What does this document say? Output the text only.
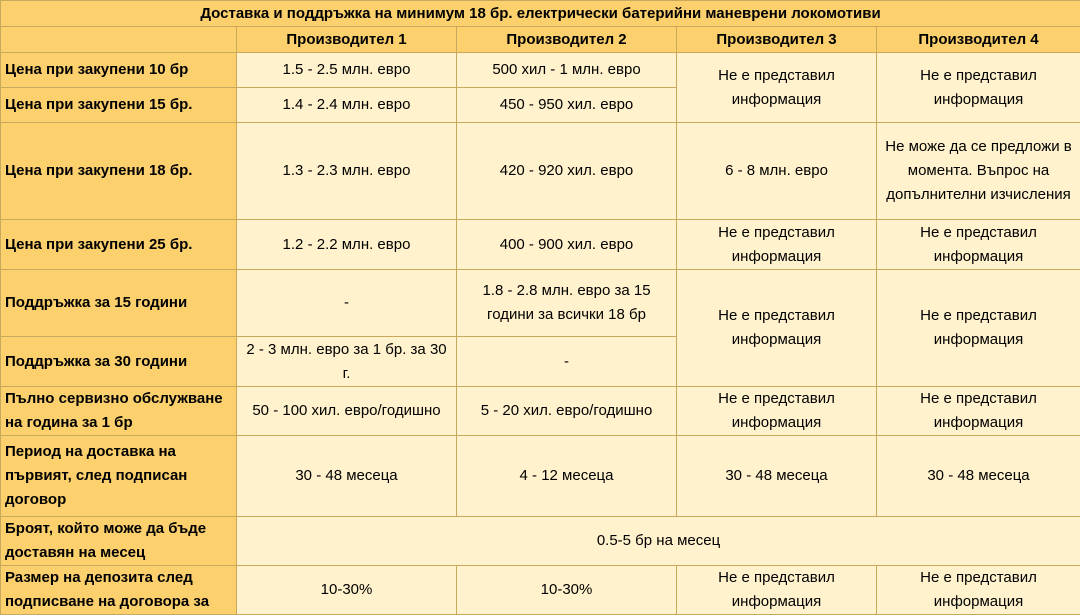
Доставка и поддръжка на минимум 18 бр. електрически батерийни маневрени локомотиви				
	Производител 1	Производител 2	Производител 3	Производител 4
Цена при закупени 10 бр	1.5 - 2.5 млн. евро	500 хил - 1 млн. евро	Не е представил информация	Не е представил информация
Цена при закупени 15 бр.	1.4 - 2.4 млн. евро	450 - 950 хил. евро		
Цена при закупени 18 бр.	1.3 - 2.3 млн. евро	420 - 920 хил. евро	6 - 8 млн. евро	Не може да се предложи в момента. Въпрос на допълнителни изчисления
Цена при закупени 25 бр.	1.2 - 2.2 млн. евро	400 - 900 хил. евро	Не е представил информация	Не е представил информация
Поддръжка за 15 години	-	1.8 - 2.8 млн. евро за 15 години за всички 18 бр	Не е представил информация	Не е представил информация
Поддръжка за 30 години	2 - 3 млн. евро за 1 бр. за 30 г.	-		
Пълно сервизно обслужване на година за 1 бр	50 - 100 хил. евро/годишно	5 - 20 хил. евро/годишно	Не е представил информация	Не е представил информация
Период на доставка на първият, след подписан договор	30 - 48 месеца	4 - 12 месеца	30 - 48 месеца	30 - 48 месеца
Броят, който може да бъде доставян на месец	0.5-5 бр на месец			
Размер на депозита след подписване на договора за	10-30%	10-30%	Не е представил информация	Не е представил информация
